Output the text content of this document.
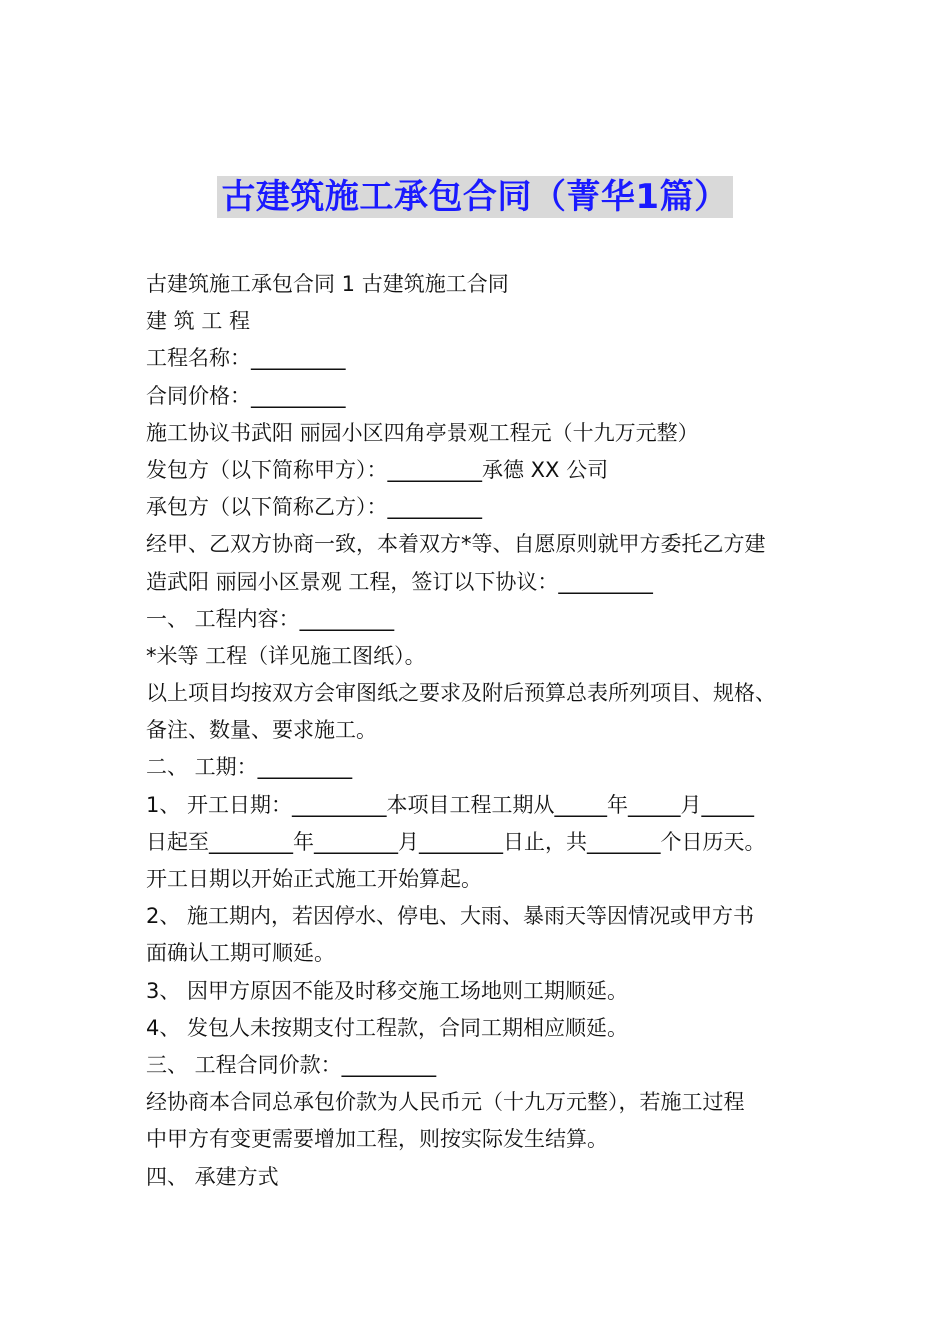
古建筑施工承包合同（菁华1篇）
古建筑施工承包合同 1 古建筑施工合同
建 筑 工 程
工程名称：_________
合同价格：_________
施工协议书武阳 丽园小区四角亭景观工程元（十九万元整）
发包方（以下简称甲方）：_________承德 XX 公司
承包方（以下简称乙方）：_________
经甲、乙双方协商一致，本着双方*等、自愿原则就甲方委托乙方建
造武阳 丽园小区景观 工程，签订以下协议：_________
一、 工程内容：_________
*米等 工程（详见施工图纸）。
以上项目均按双方会审图纸之要求及附后预算总表所列项目、规格、
备注、数量、要求施工。
二、 工期：_________
1、 开工日期：_________本项目工程工期从_____年_____月_____
日起至________年________月________日止，共_______个日历天。
开工日期以开始正式施工开始算起。
2、 施工期内，若因停水、停电、大雨、暴雨天等因情况或甲方书
面确认工期可顺延。
3、 因甲方原因不能及时移交施工场地则工期顺延。
4、 发包人未按期支付工程款，合同工期相应顺延。
三、 工程合同价款：_________
经协商本合同总承包价款为人民币元（十九万元整），若施工过程
中甲方有变更需要增加工程，则按实际发生结算。
四、 承建方式
